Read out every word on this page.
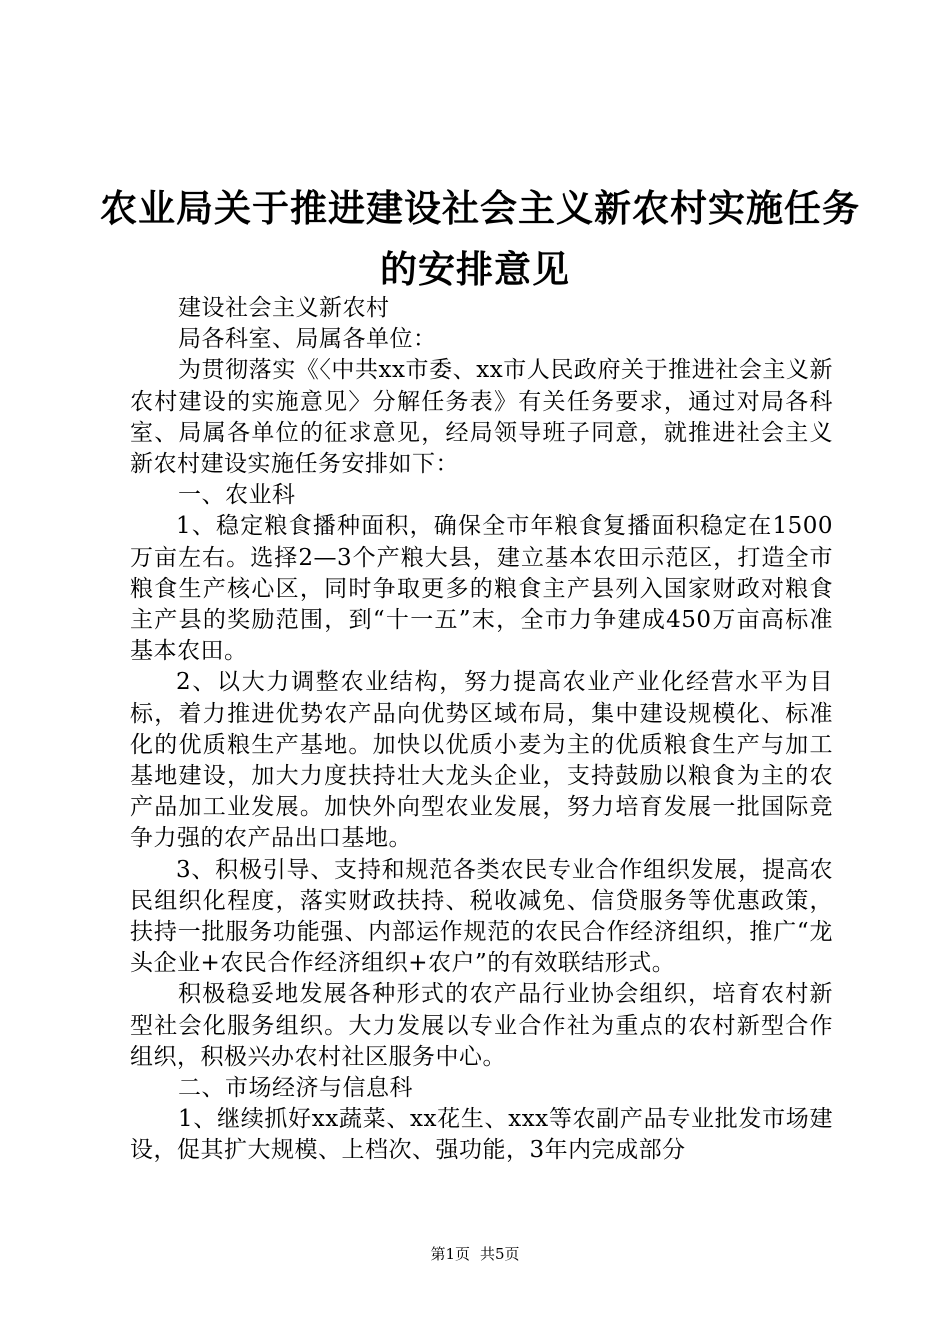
农业局关于推进建设社会主义新农村实施任务
的安排意见

建设社会主义新农村

局各科室、局属各单位：

为贯彻落实《〈中共xx市委、xx市人民政府关于推进社会主义新农村建设的实施意见〉分解任务表》有关任务要求，通过对局各科室、局属各单位的征求意见，经局领导班子同意，就推进社会主义新农村建设实施任务安排如下：

一、农业科

1、稳定粮食播种面积，确保全市年粮食复播面积稳定在1500万亩左右。选择2—3个产粮大县，建立基本农田示范区，打造全市粮食生产核心区，同时争取更多的粮食主产县列入国家财政对粮食主产县的奖励范围，到“十一五”末，全市力争建成450万亩高标准基本农田。

2、以大力调整农业结构，努力提高农业产业化经营水平为目标，着力推进优势农产品向优势区域布局，集中建设规模化、标准化的优质粮生产基地。加快以优质小麦为主的优质粮食生产与加工基地建设，加大力度扶持壮大龙头企业，支持鼓励以粮食为主的农产品加工业发展。加快外向型农业发展，努力培育发展一批国际竞争力强的农产品出口基地。

3、积极引导、支持和规范各类农民专业合作组织发展，提高农民组织化程度，落实财政扶持、税收减免、信贷服务等优惠政策，扶持一批服务功能强、内部运作规范的农民合作经济组织，推广“龙头企业+农民合作经济组织+农户”的有效联结形式。

积极稳妥地发展各种形式的农产品行业协会组织，培育农村新型社会化服务组织。大力发展以专业合作社为重点的农村新型合作组织，积极兴办农村社区服务中心。

二、市场经济与信息科

1、继续抓好xx蔬菜、xx花生、xxx等农副产品专业批发市场建设，促其扩大规模、上档次、强功能，3年内完成部分

第1页 共5页
